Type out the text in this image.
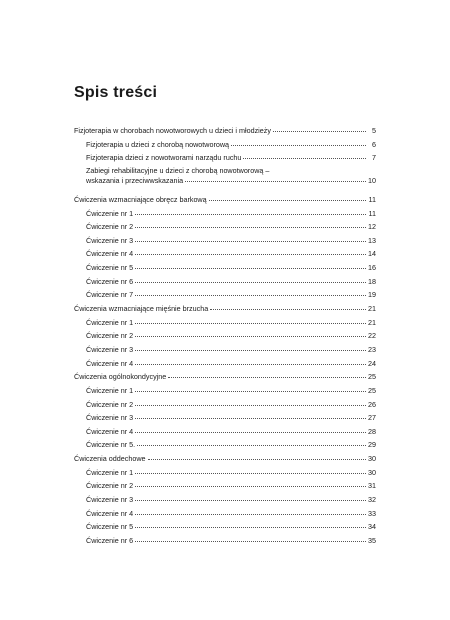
Spis treści
Fizjoterapia w chorobach nowotworowych u dzieci i młodzieży	5
Fizjoterapia u dzieci z chorobą nowotworową	6
Fizjoterapia dzieci z nowotworami narządu ruchu	7
Zabiegi rehabilitacyjne u dzieci z chorobą nowotworową –
wskazania i przeciwwskazania	10
Ćwiczenia wzmacniające obręcz barkową	11
Ćwiczenie nr 1	11
Ćwiczenie nr 2	12
Ćwiczenie nr 3	13
Ćwiczenie nr 4	14
Ćwiczenie nr 5	16
Ćwiczenie nr 6	18
Ćwiczenie nr 7	19
Ćwiczenia wzmacniające mięśnie brzucha	21
Ćwiczenie nr 1	21
Ćwiczenie nr 2	22
Ćwiczenie nr 3	23
Ćwiczenie nr 4	24
Ćwiczenia ogólnokondycyjne	25
Ćwiczenie nr 1	25
Ćwiczenie nr 2	26
Ćwiczenie nr 3	27
Ćwiczenie nr 4	28
Ćwiczenie nr 5.	29
Ćwiczenia oddechowe	30
Ćwiczenie nr 1	30
Ćwiczenie nr 2	31
Ćwiczenie nr 3	32
Ćwiczenie nr 4	33
Ćwiczenie nr 5	34
Ćwiczenie nr 6	35
